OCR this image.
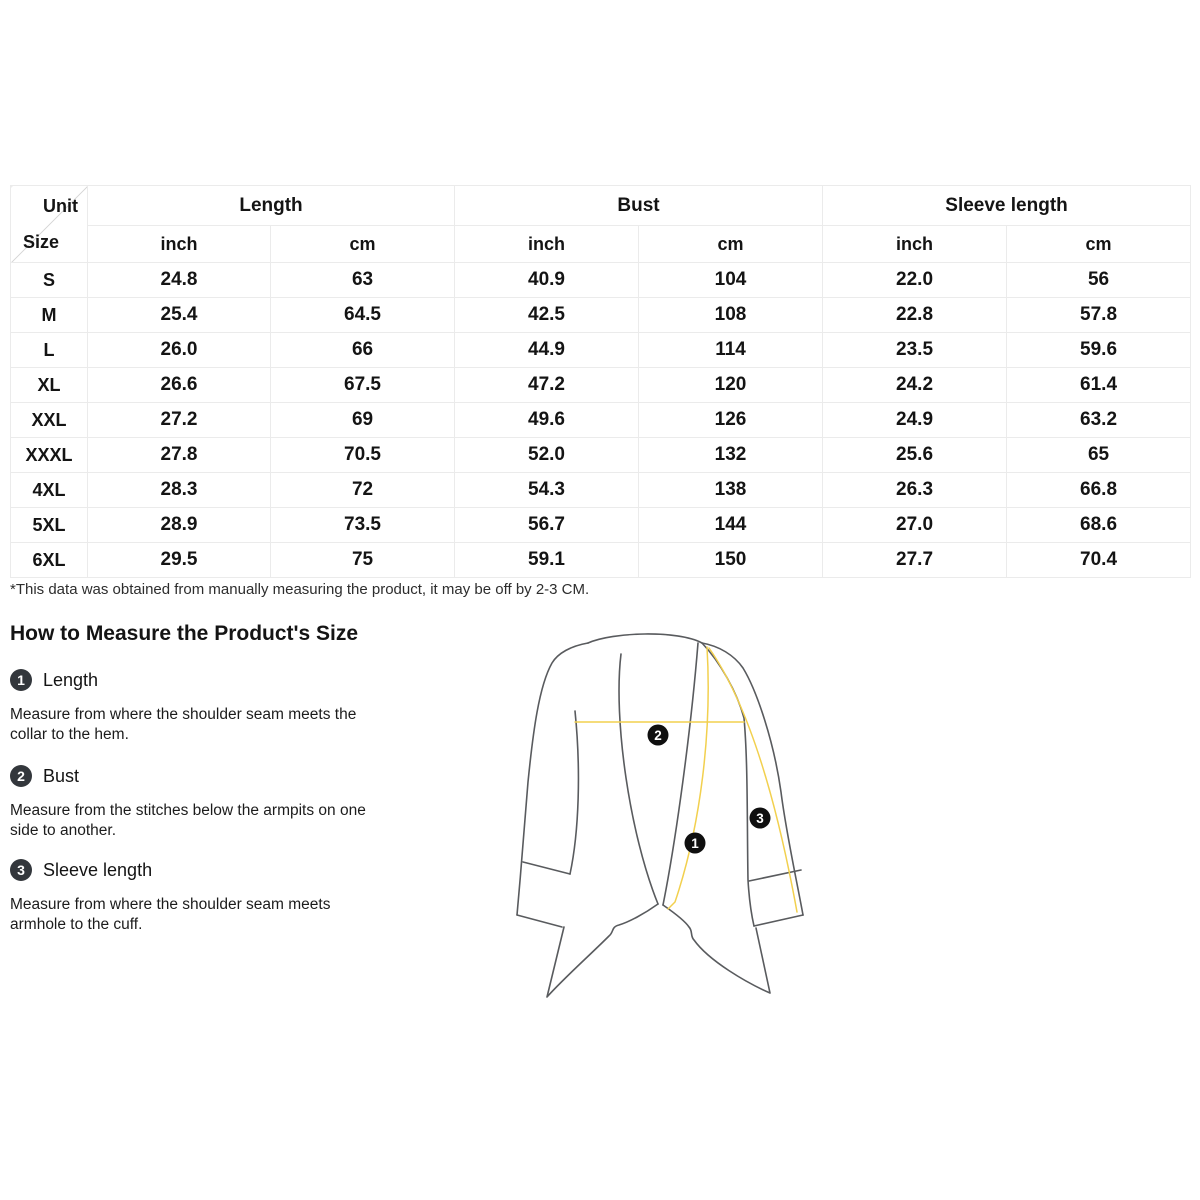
Unit
Size	Length		Bust		Sleeve length	
	inch	cm	inch	cm	inch	cm
S	24.8	63	40.9	104	22.0	56
M	25.4	64.5	42.5	108	22.8	57.8
L	26.0	66	44.9	114	23.5	59.6
XL	26.6	67.5	47.2	120	24.2	61.4
XXL	27.2	69	49.6	126	24.9	63.2
XXXL	27.8	70.5	52.0	132	25.6	65
4XL	28.3	72	54.3	138	26.3	66.8
5XL	28.9	73.5	56.7	144	27.0	68.6
6XL	29.5	75	59.1	150	27.7	70.4
*This data was obtained from manually measuring the product, it may be off by 2-3 CM.
How to Measure the Product's Size
1	Length

Measure from where the shoulder seam meets the
collar to the hem.

2	Bust

Measure from the stitches below the armpits on one
side to another.

3	Sleeve length

Measure from where the shoulder seam meets
armhole to the cuff.

2
1
3
